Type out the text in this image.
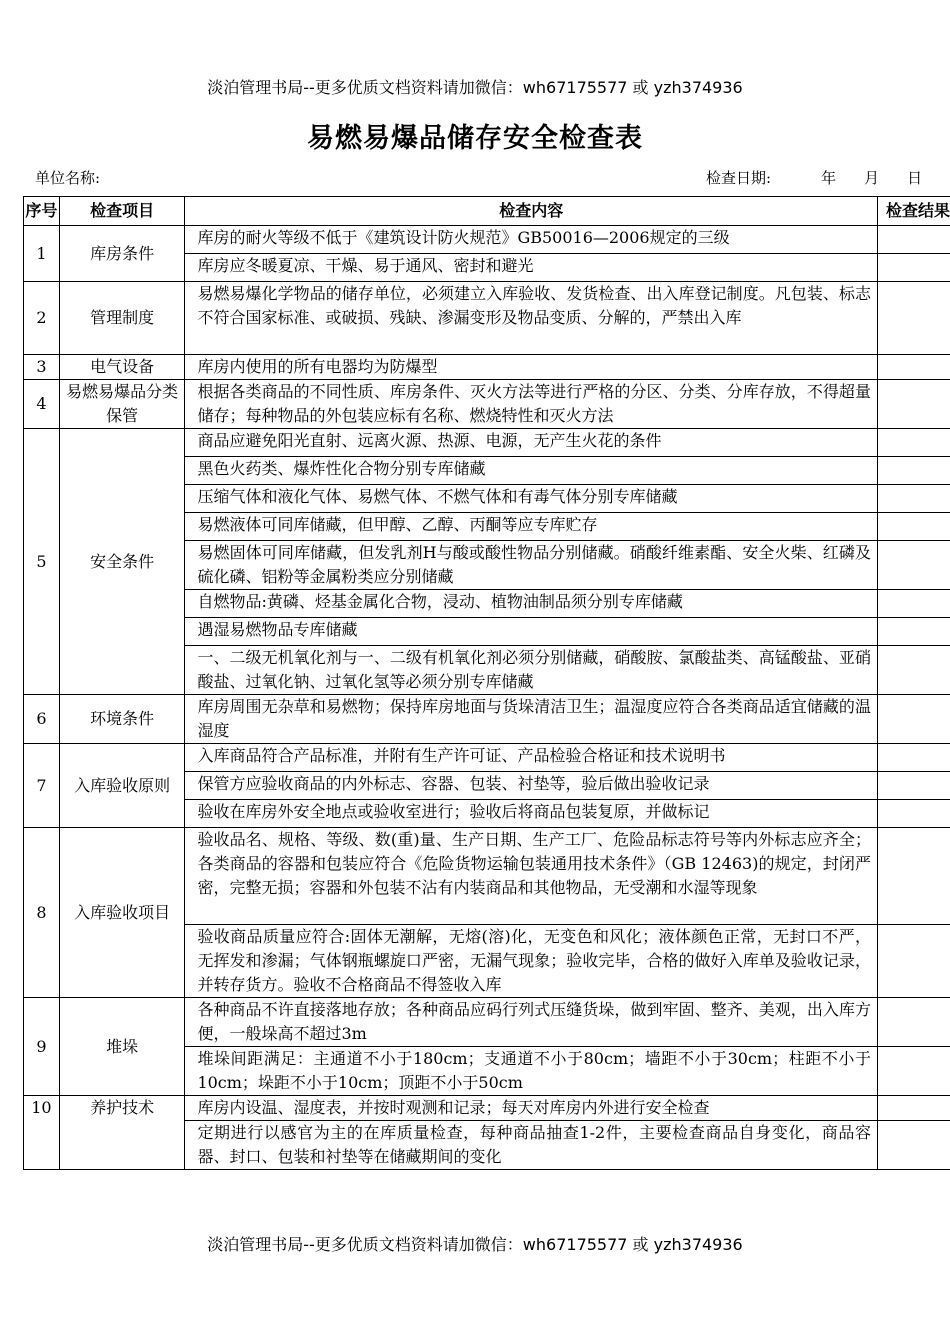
淡泊管理书局--更多优质文档资料请加微信：wh67175577 或 yzh374936
易燃易爆品储存安全检查表
单位名称:	检查日期:	年 月 日
序号	检查项目	检查内容	检查结果
1	库房条件	库房的耐火等级不低于《建筑设计防火规范》GB50016—2006规定的三级	
		库房应冬暖夏凉、干燥、易于通风、密封和避光	
2	管理制度	易燃易爆化学物品的储存单位，必须建立入库验收、发货检查、出入库登记制度。凡包装、标志不符合国家标准、或破损、残缺、渗漏变形及物品变质、分解的，严禁出入库	
3	电气设备	库房内使用的所有电器均为防爆型	
4	易燃易爆品分类保管	根据各类商品的不同性质、库房条件、灭火方法等进行严格的分区、分类、分库存放，不得超量储存；每种物品的外包装应标有名称、燃烧特性和灭火方法	
5	安全条件	商品应避免阳光直射、远离火源、热源、电源，无产生火花的条件	
		黑色火药类、爆炸性化合物分别专库储藏	
		压缩气体和液化气体、易燃气体、不燃气体和有毒气体分别专库储藏	
		易燃液体可同库储藏，但甲醇、乙醇、丙酮等应专库贮存	
		易燃固体可同库储藏，但发乳剂H与酸或酸性物品分别储藏。硝酸纤维素酯、安全火柴、红磷及硫化磷、铝粉等金属粉类应分别储藏	
		自燃物品:黄磷、烃基金属化合物，浸动、植物油制品须分别专库储藏	
		遇湿易燃物品专库储藏	
		一、二级无机氧化剂与一、二级有机氧化剂必须分别储藏，硝酸胺、氯酸盐类、高锰酸盐、亚硝酸盐、过氧化钠、过氧化氢等必须分别专库储藏	
6	环境条件	库房周围无杂草和易燃物；保持库房地面与货垛清洁卫生；温湿度应符合各类商品适宜储藏的温湿度	
7	入库验收原则	入库商品符合产品标准，并附有生产许可证、产品检验合格证和技术说明书	
		保管方应验收商品的内外标志、容器、包装、衬垫等，验后做出验收记录	
		验收在库房外安全地点或验收室进行；验收后将商品包装复原，并做标记	
8	入库验收项目	验收品名、规格、等级、数(重)量、生产日期、生产工厂、危险品标志符号等内外标志应齐全；各类商品的容器和包装应符合《危险货物运输包装通用技术条件》（GB 12463)的规定，封闭严密，完整无损；容器和外包装不沾有内装商品和其他物品，无受潮和水湿等现象	
		验收商品质量应符合:固体无潮解，无熔(溶)化，无变色和风化；液体颜色正常，无封口不严，无挥发和渗漏；气体钢瓶螺旋口严密，无漏气现象；验收完毕，合格的做好入库单及验收记录，并转存货方。验收不合格商品不得签收入库	
9	堆垛	各种商品不许直接落地存放；各种商品应码行列式压缝货垛，做到牢固、整齐、美观，出入库方便，一般垛高不超过3m	
		堆垛间距满足：主通道不小于180cm；支通道不小于80cm；墙距不小于30cm；柱距不小于10cm；垛距不小于10cm；顶距不小于50cm	
10	养护技术	库房内设温、湿度表，并按时观测和记录；每天对库房内外进行安全检查	
		定期进行以感官为主的在库质量检查，每种商品抽查1-2件，主要检查商品自身变化，商品容器、封口、包装和衬垫等在储藏期间的变化	
淡泊管理书局--更多优质文档资料请加微信：wh67175577 或 yzh374936
